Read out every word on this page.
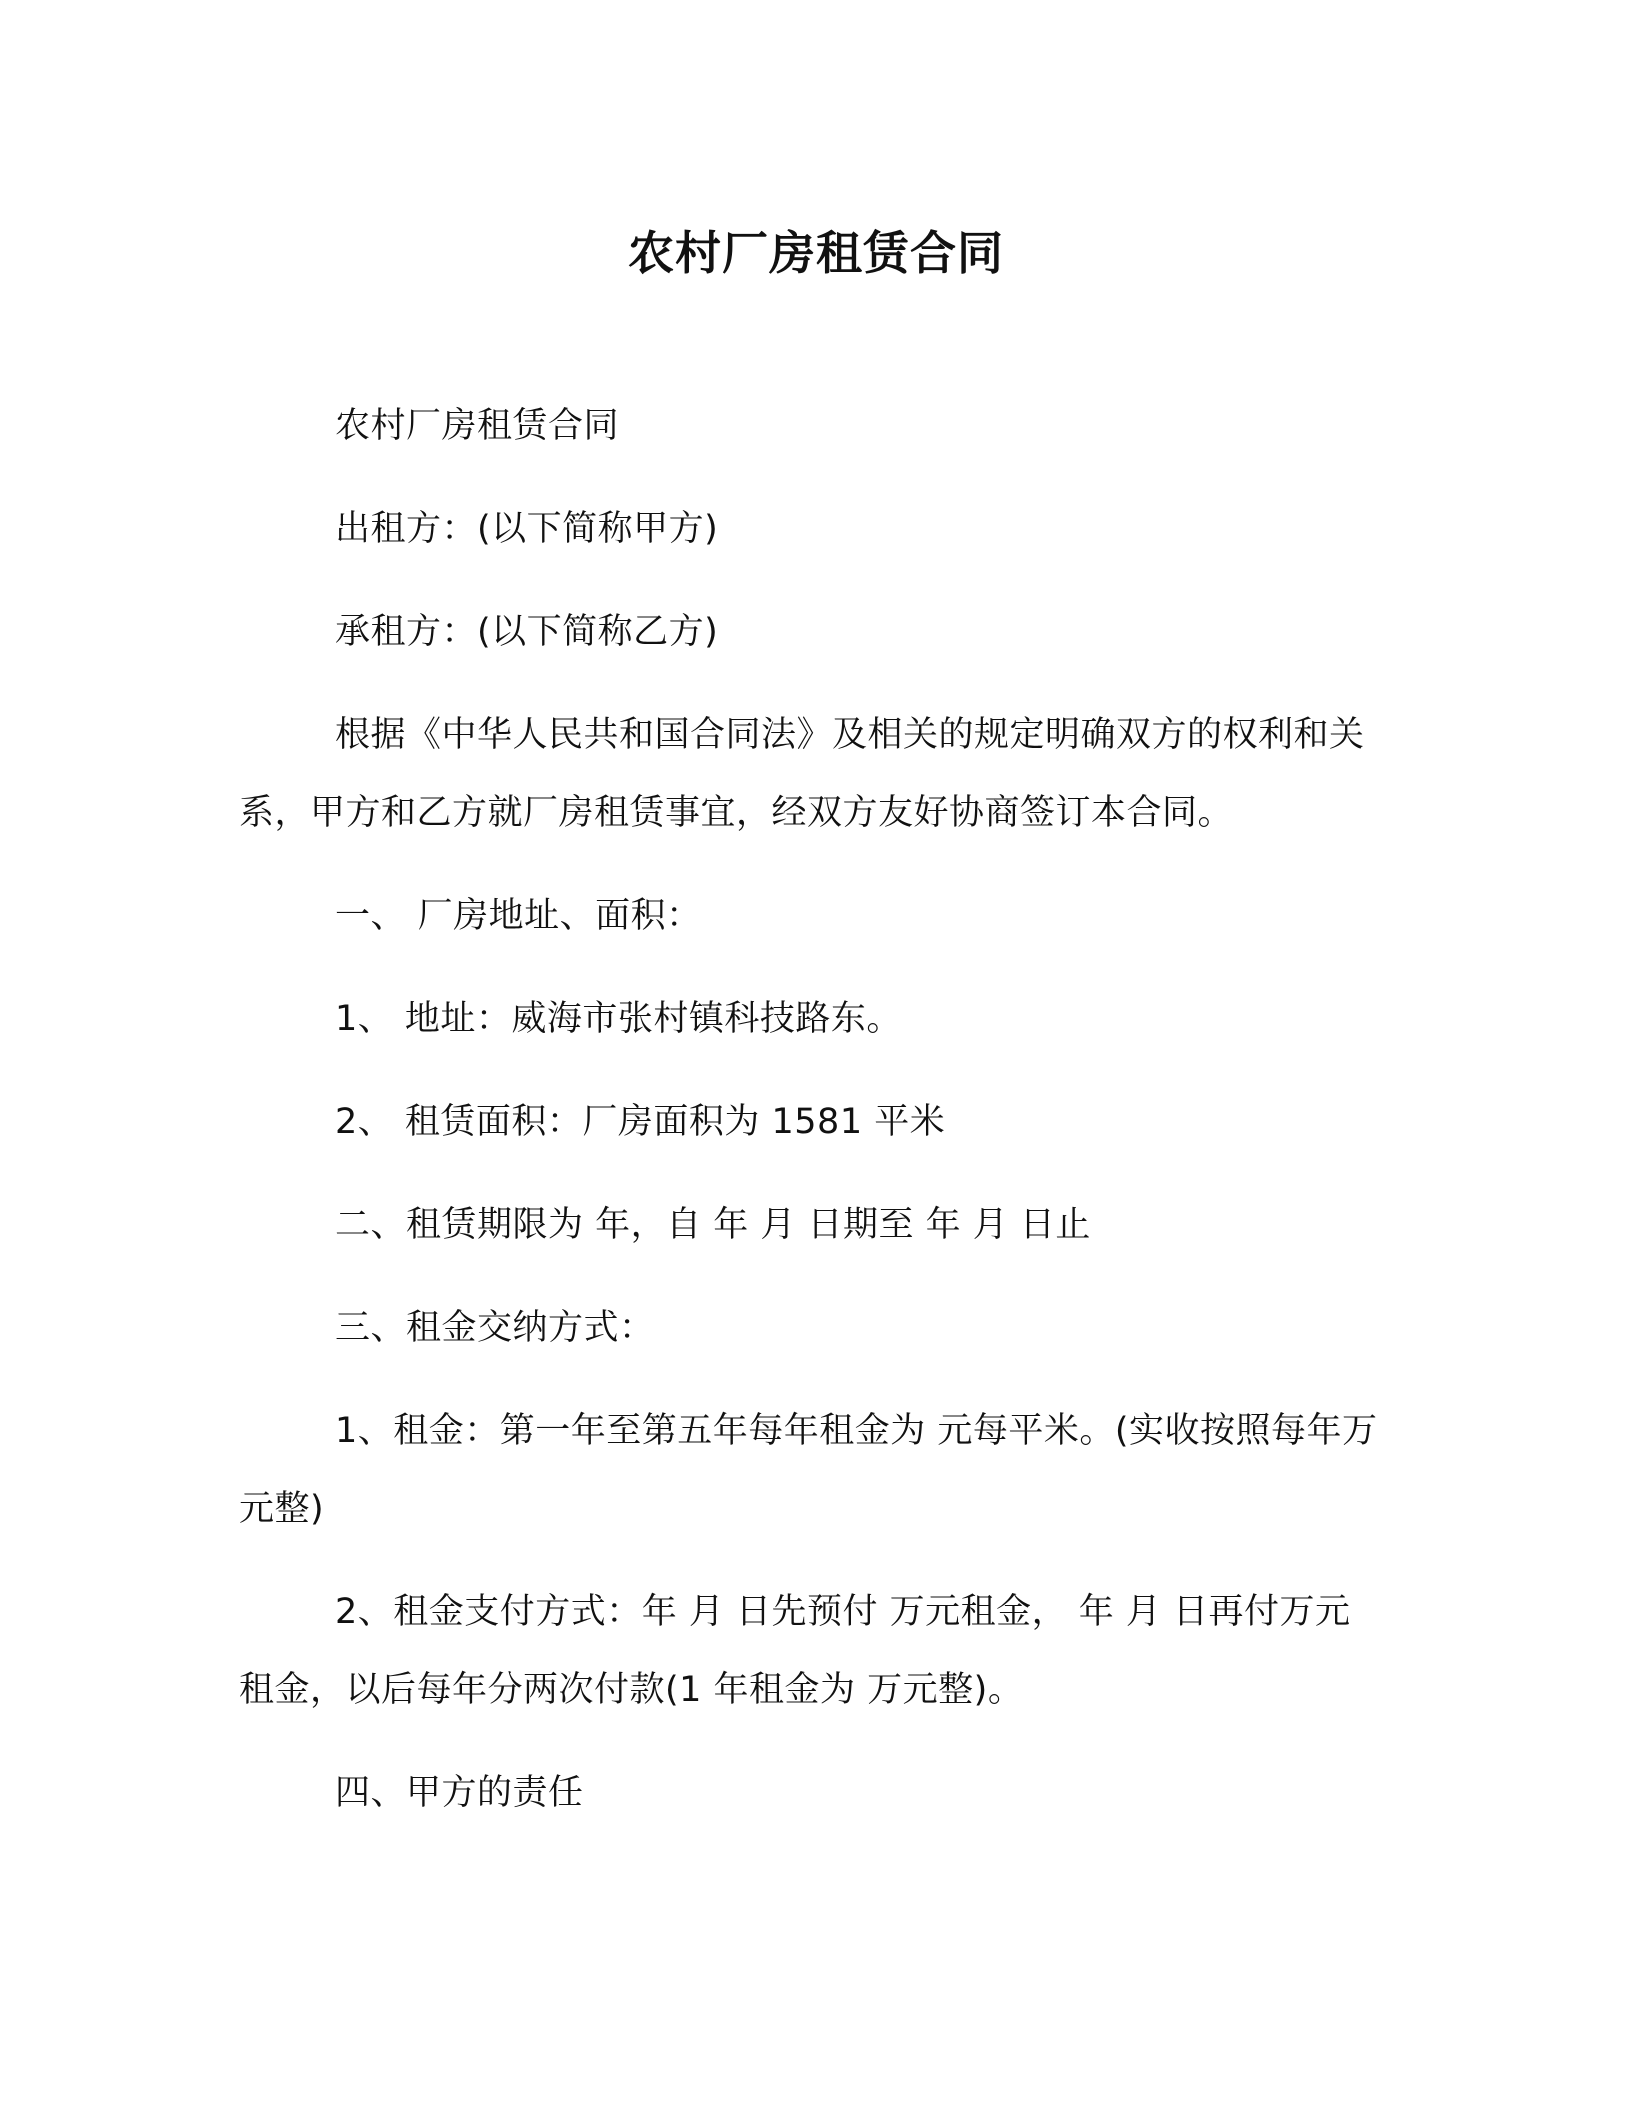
农村厂房租赁合同
农村厂房租赁合同
出租方：(以下简称甲方)
承租方：(以下简称乙方)
根据《中华人民共和国合同法》及相关的规定明确双方的权利和关系，甲方和乙方就厂房租赁事宜，经双方友好协商签订本合同。
一、 厂房地址、面积：
1、 地址：威海市张村镇科技路东。
2、 租赁面积：厂房面积为 1581 平米
二、租赁期限为 年，自 年 月 日期至 年 月 日止
三、租金交纳方式：
1、租金：第一年至第五年每年租金为 元每平米。(实收按照每年万元整)
2、租金支付方式：年 月 日先预付 万元租金， 年 月 日再付万元租金，以后每年分两次付款(1 年租金为 万元整)。
四、甲方的责任
